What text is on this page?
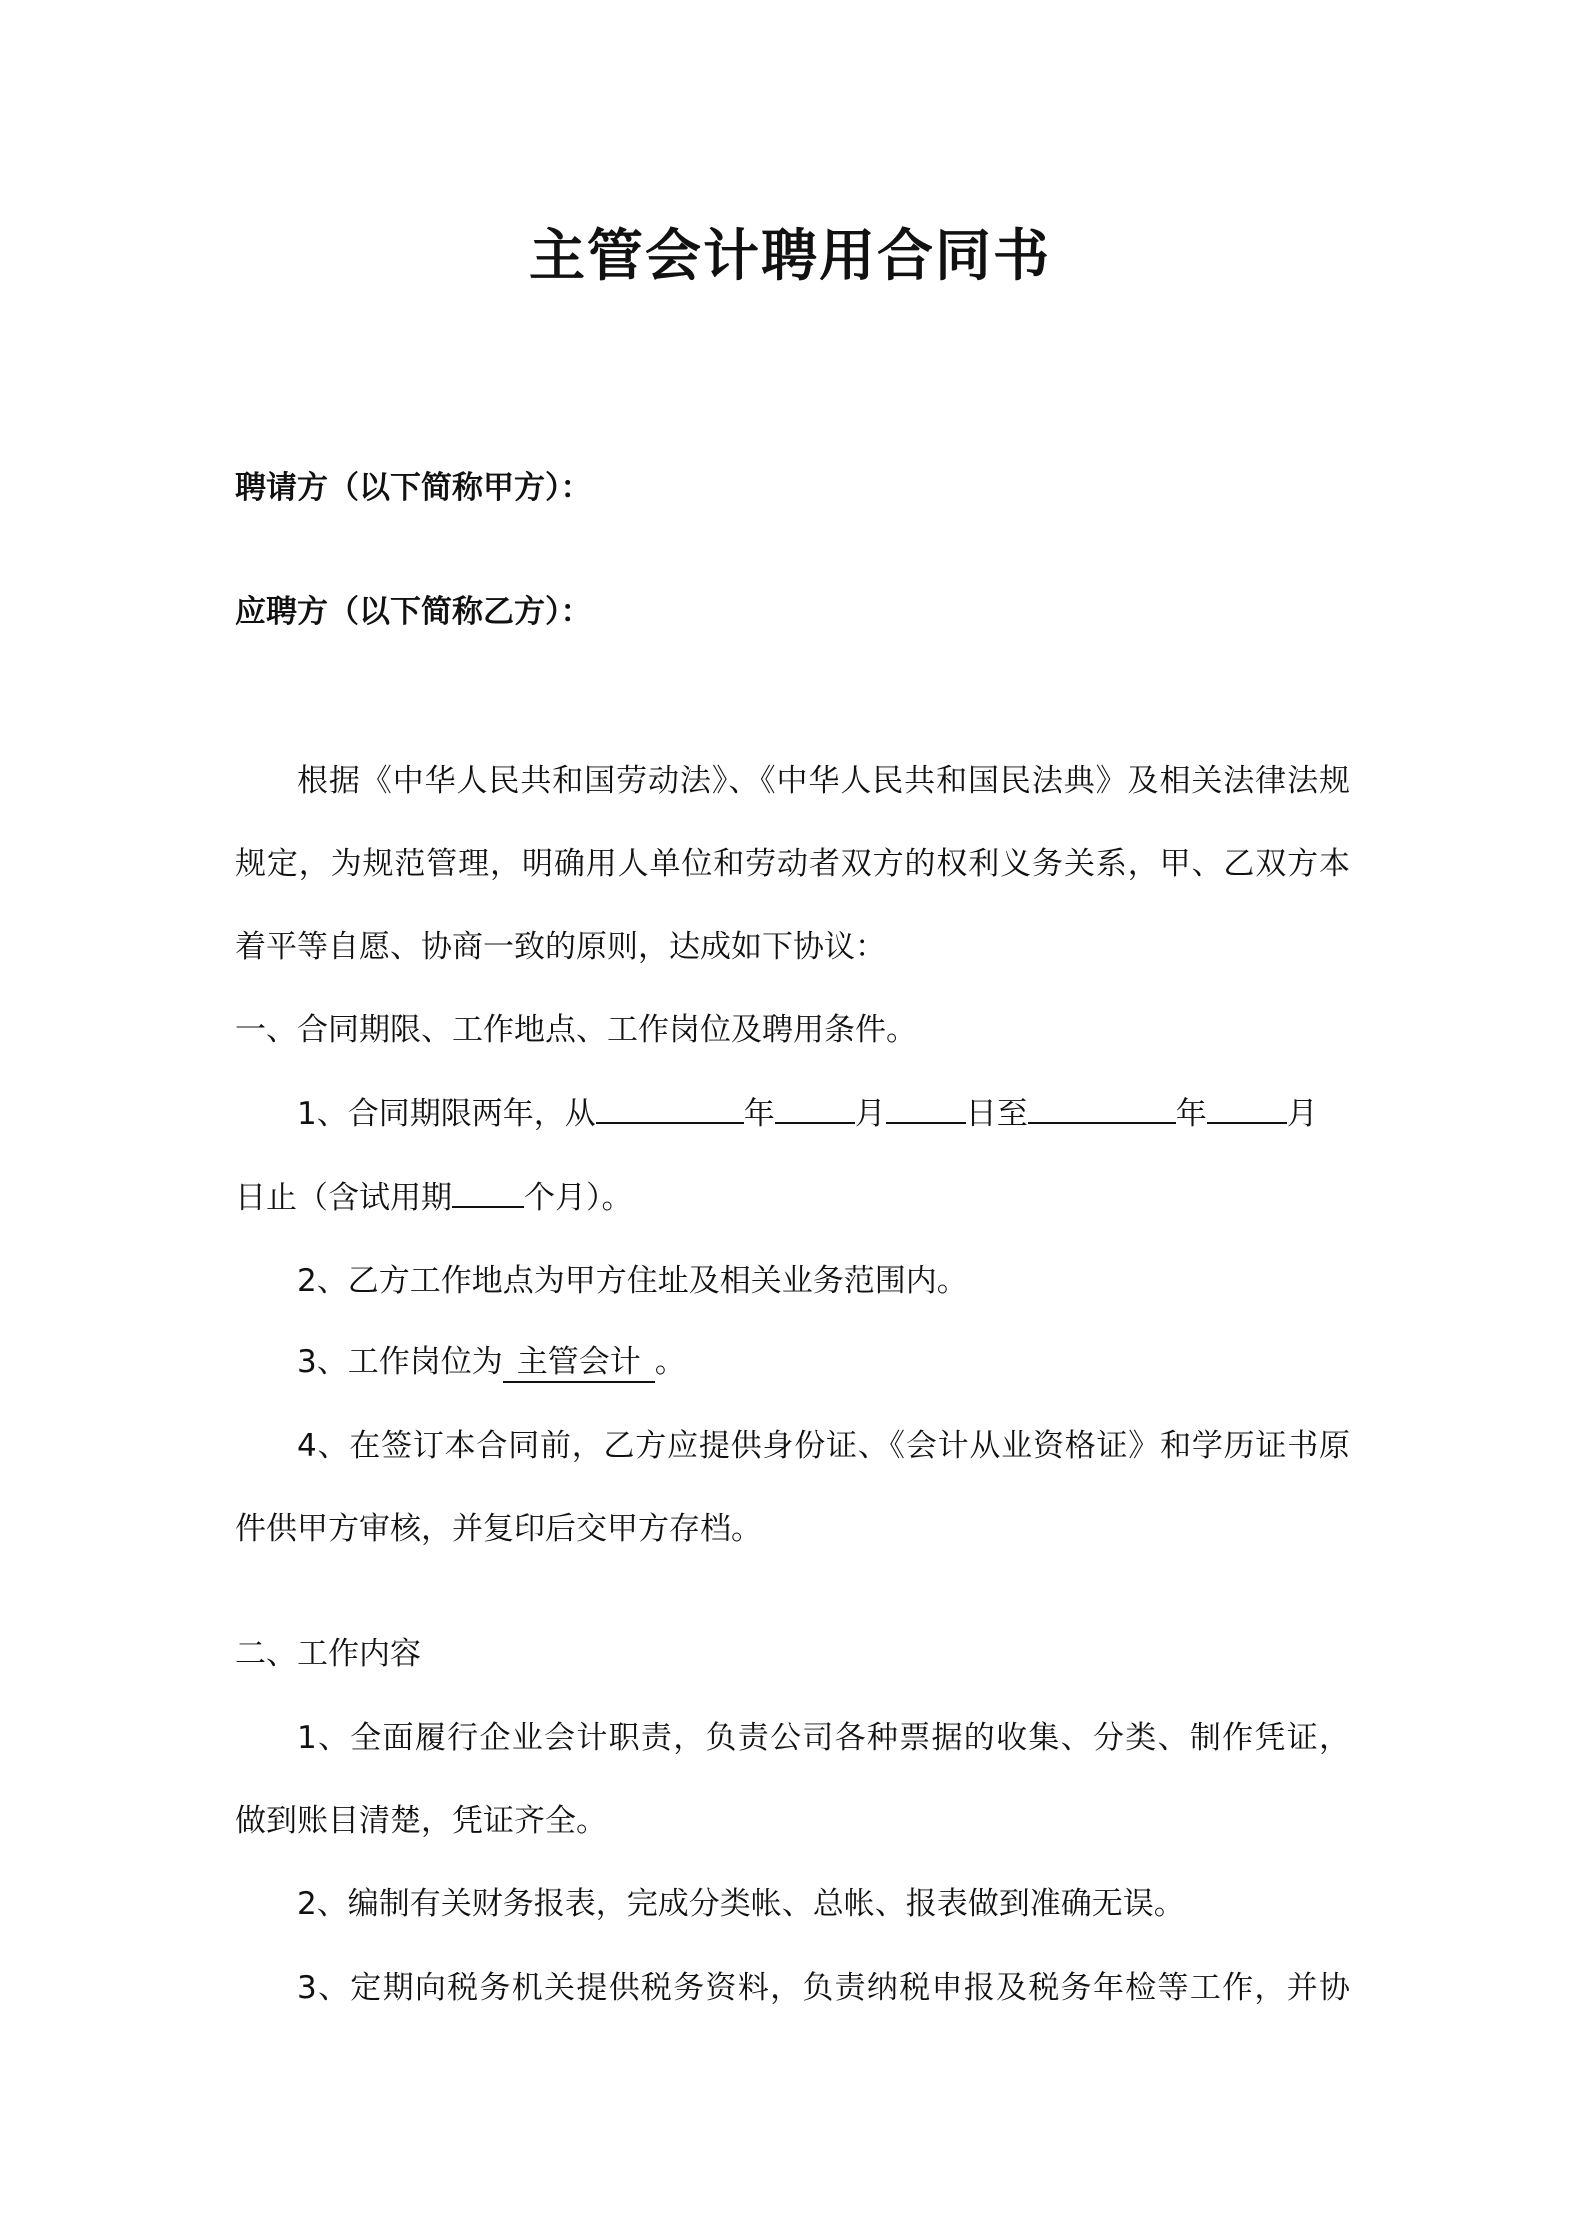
主管会计聘用合同书
聘请方（以下简称甲方）：
应聘方（以下简称乙方）：
根据《中华人民共和国劳动法》、《中华人民共和国民法典》及相关法律法规
规定，为规范管理，明确用人单位和劳动者双方的权利义务关系，甲、乙双方本
着平等自愿、协商一致的原则，达成如下协议：
一、合同期限、工作地点、工作岗位及聘用条件。
1、合同期限两年，从	年	月	日至	年	月
日止（含试用期 个月）。
2、乙方工作地点为甲方住址及相关业务范围内。
3、工作岗位为 主管会计 。
4、在签订本合同前，乙方应提供身份证、《会计从业资格证》和学历证书原
件供甲方审核，并复印后交甲方存档。
二、工作内容
1、全面履行企业会计职责，负责公司各种票据的收集、分类、制作凭证，
做到账目清楚，凭证齐全。
2、编制有关财务报表，完成分类帐、总帐、报表做到准确无误。
3、定期向税务机关提供税务资料，负责纳税申报及税务年检等工作，并协
